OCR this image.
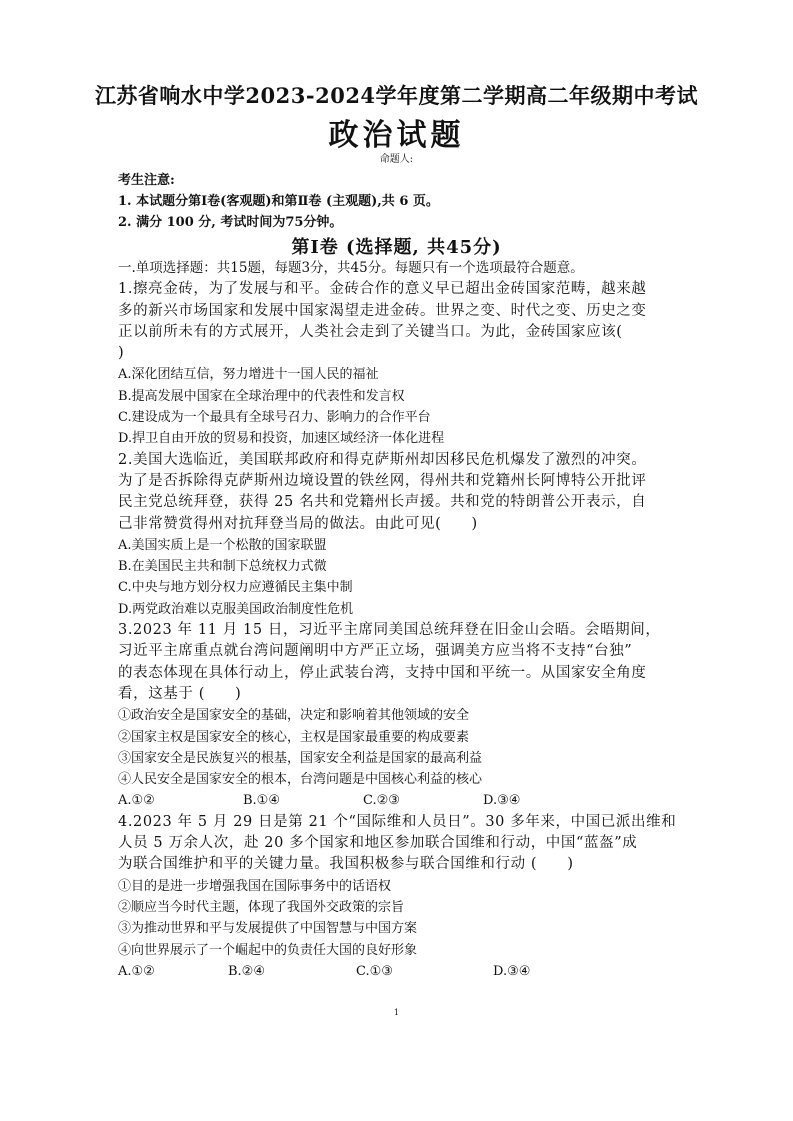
江苏省响水中学2023-2024学年度第二学期高二年级期中考试
政治试题
命题人:
考生注意:
1. 本试题分第Ⅰ卷(客观题)和第Ⅱ卷 (主观题),共 6 页。
2. 满分 100 分, 考试时间为75分钟。
第Ⅰ卷 (选择题, 共45分)
一.单项选择题：共15题，每题3分，共45分。每题只有一个选项最符合题意。
1.擦亮金砖，为了发展与和平。金砖合作的意义早已超出金砖国家范畴，越来越
多的新兴市场国家和发展中国家渴望走进金砖。世界之变、时代之变、历史之变
正以前所未有的方式展开，人类社会走到了关键当口。为此，金砖国家应该(
)
A.深化团结互信，努力增进十一国人民的福祉
B.提高发展中国家在全球治理中的代表性和发言权
C.建设成为一个最具有全球号召力、影响力的合作平台
D.捍卫自由开放的贸易和投资，加速区域经济一体化进程
2.美国大选临近，美国联邦政府和得克萨斯州却因移民危机爆发了激烈的冲突。
为了是否拆除得克萨斯州边境设置的铁丝网，得州共和党籍州长阿博特公开批评
民主党总统拜登，获得 25 名共和党籍州长声援。共和党的特朗普公开表示，自
己非常赞赏得州对抗拜登当局的做法。由此可见(　　)
A.美国实质上是一个松散的国家联盟
B.在美国民主共和制下总统权力式微
C.中央与地方划分权力应遵循民主集中制
D.两党政治难以克服美国政治制度性危机
3.2023 年 11 月 15 日，习近平主席同美国总统拜登在旧金山会晤。会晤期间，
习近平主席重点就台湾问题阐明中方严正立场，强调美方应当将不支持“台独”
的表态体现在具体行动上，停止武装台湾，支持中国和平统一。从国家安全角度
看，这基于 (　　)
①政治安全是国家安全的基础，决定和影响着其他领域的安全
②国家主权是国家安全的核心，主权是国家最重要的构成要素
③国家安全是民族复兴的根基，国家安全利益是国家的最高利益
④人民安全是国家安全的根本，台湾问题是中国核心利益的核心
A.①②	B.①④	C.②③	D.③④
4.2023 年 5 月 29 日是第 21 个“国际维和人员日”。30 多年来，中国已派出维和
人员 5 万余人次，赴 20 多个国家和地区参加联合国维和行动，中国“蓝盔”成
为联合国维护和平的关键力量。我国积极参与联合国维和行动 (　　)
①目的是进一步增强我国在国际事务中的话语权
②顺应当今时代主题，体现了我国外交政策的宗旨
③为推动世界和平与发展提供了中国智慧与中国方案
④向世界展示了一个崛起中的负责任大国的良好形象
A.①②	B.②④	C.①③	D.③④
1
